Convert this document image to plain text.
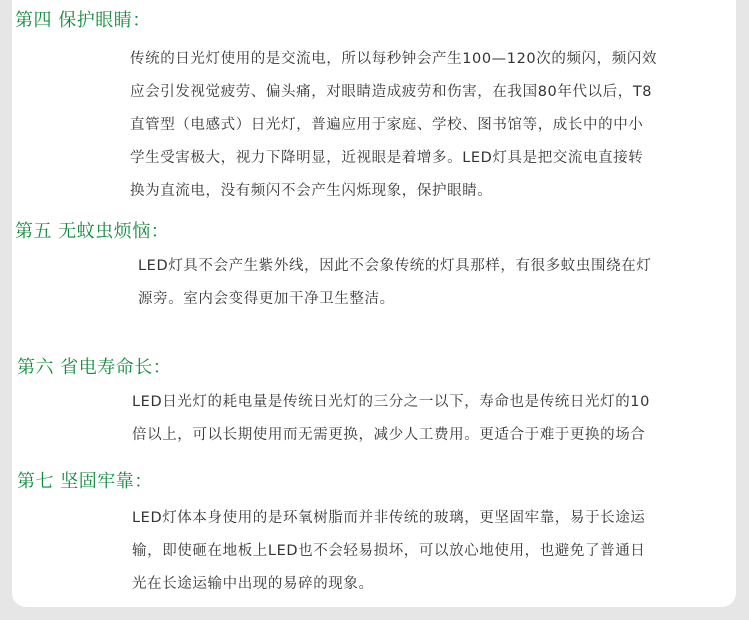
第四 保护眼睛：
传统的日光灯使用的是交流电，所以每秒钟会产生100—120次的频闪，频闪效
应会引发视觉疲劳、偏头痛，对眼睛造成疲劳和伤害，在我国80年代以后，T8
直管型（电感式）日光灯，普遍应用于家庭、学校、图书馆等，成长中的中小
学生受害极大，视力下降明显，近视眼是着增多。LED灯具是把交流电直接转
换为直流电，没有频闪不会产生闪烁现象，保护眼睛。
第五 无蚊虫烦恼：
LED灯具不会产生紫外线，因此不会象传统的灯具那样，有很多蚊虫围绕在灯
源旁。室内会变得更加干净卫生整洁。
第六 省电寿命长：
LED日光灯的耗电量是传统日光灯的三分之一以下，寿命也是传统日光灯的10
倍以上，可以长期使用而无需更换，减少人工费用。更适合于难于更换的场合
第七 坚固牢靠：
LED灯体本身使用的是环氧树脂而并非传统的玻璃，更坚固牢靠，易于长途运
输，即使砸在地板上LED也不会轻易损坏，可以放心地使用，也避免了普通日
光在长途运输中出现的易碎的现象。
